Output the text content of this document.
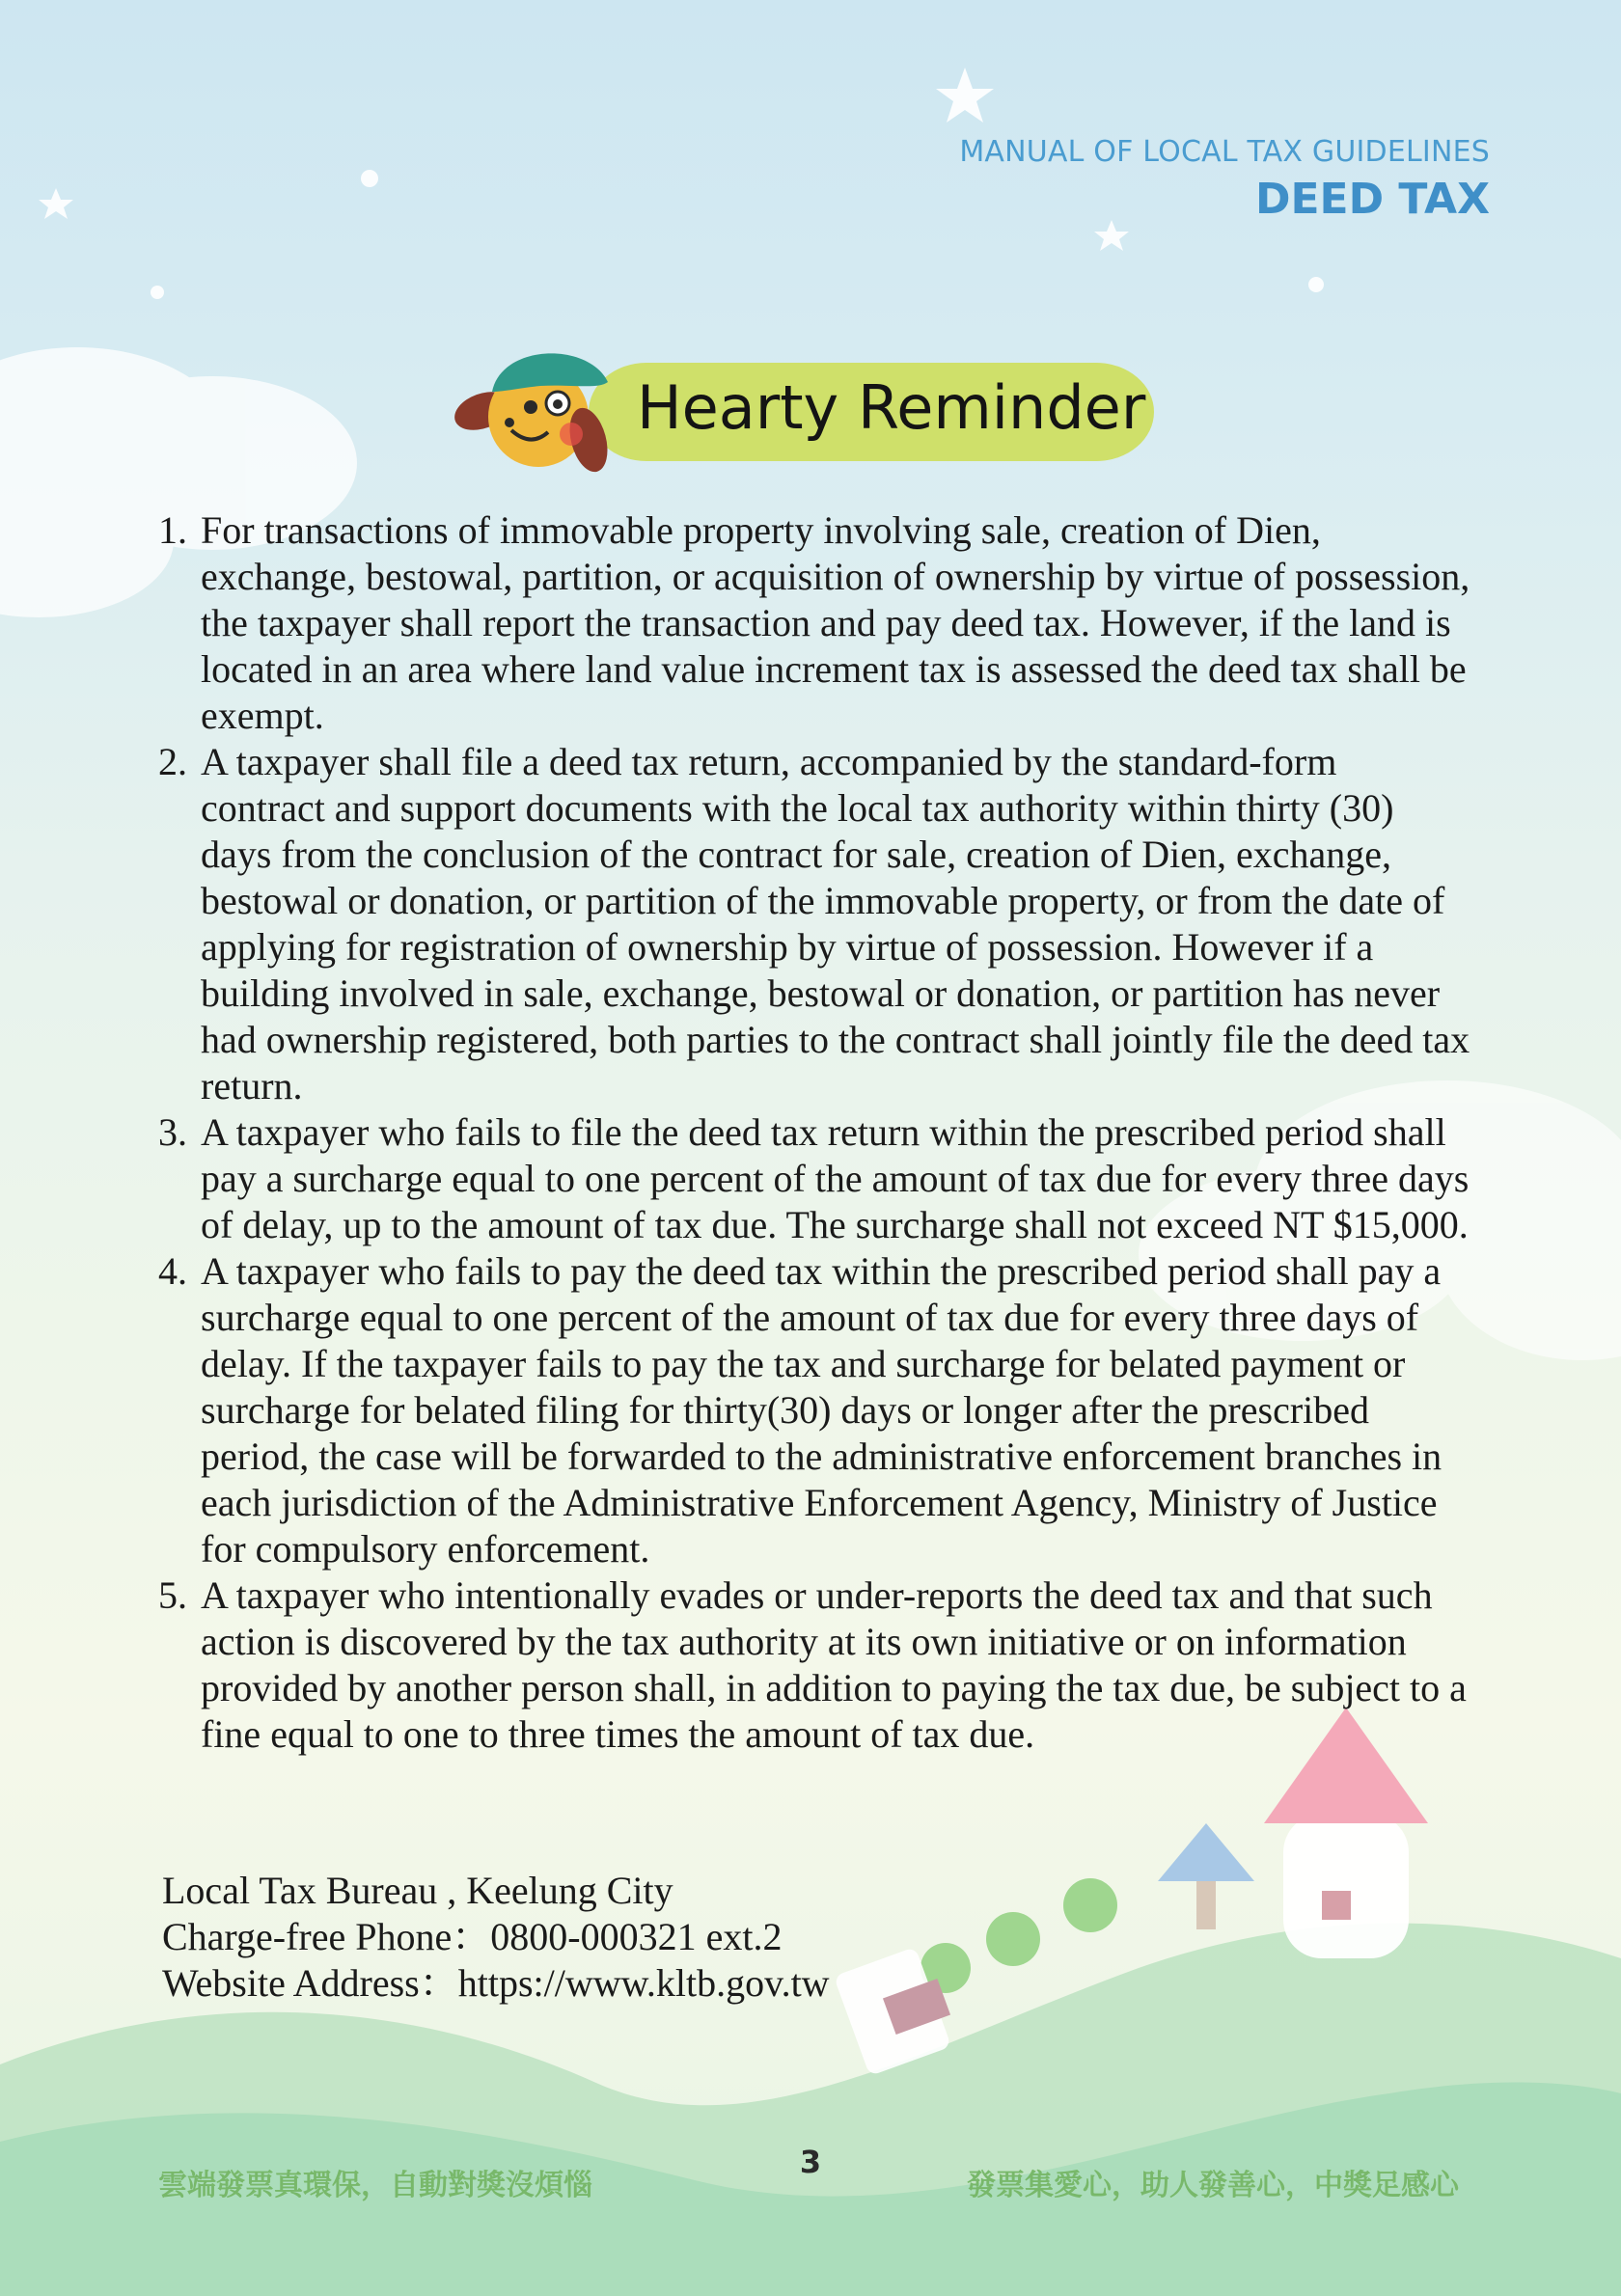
MANUAL OF LOCAL TAX GUIDELINES
DEED TAX
Hearty Reminder
1. For transactions of immovable property involving sale, creation of Dien, exchange, bestowal, partition, or acquisition of ownership by virtue of possession, the taxpayer shall report the transaction and pay deed tax. However, if the land is located in an area where land value increment tax is assessed the deed tax shall be exempt.
2. A taxpayer shall file a deed tax return, accompanied by the standard-form contract and support documents with the local tax authority within thirty (30) days from the conclusion of the contract for sale, creation of Dien, exchange, bestowal or donation, or partition of the immovable property, or from the date of applying for registration of ownership by virtue of possession. However if a building involved in sale, exchange, bestowal or donation, or partition has never had ownership registered, both parties to the contract shall jointly file the deed tax return.
3. A taxpayer who fails to file the deed tax return within the prescribed period shall pay a surcharge equal to one percent of the amount of tax due for every three days of delay, up to the amount of tax due. The surcharge shall not exceed NT $15,000.
4. A taxpayer who fails to pay the deed tax within the prescribed period shall pay a surcharge equal to one percent of the amount of tax due for every three days of delay. If the taxpayer fails to pay the tax and surcharge for belated payment or surcharge for belated filing for thirty(30) days or longer after the prescribed period, the case will be forwarded to the administrative enforcement branches in each jurisdiction of the Administrative Enforcement Agency, Ministry of Justice for compulsory enforcement.
5. A taxpayer who intentionally evades or under-reports the deed tax and that such action is discovered by the tax authority at its own initiative or on information provided by another person shall, in addition to paying the tax due, be subject to a fine equal to one to three times the amount of tax due.
Local Tax Bureau , Keelung City
Charge-free Phone：0800-000321 ext.2
Website Address：https://www.kltb.gov.tw
雲端發票真環保，自動對獎沒煩惱
3
發票集愛心，助人發善心，中獎足感心
